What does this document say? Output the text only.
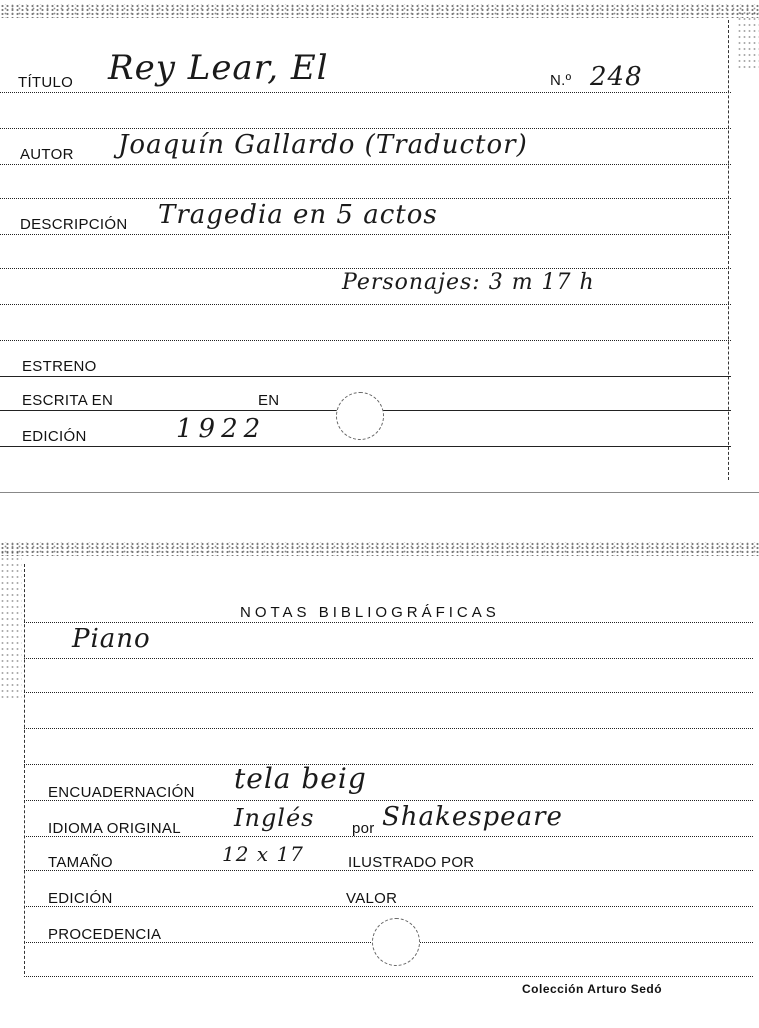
TÍTULO Rey Lear, El	N.º 248
AUTOR Joaquín Gallardo (Traductor)
DESCRIPCIÓN Tragedia en 5 actos
Personajes: 3 m 17 h
ESTRENO
ESCRITA EN	EN
EDICIÓN	1922
NOTAS BIBLIOGRÁFICAS
Piano
ENCUADERNACIÓN tela beig
IDIOMA ORIGINAL Inglés	por Shakespeare
TAMAÑO	12 x 17	ILUSTRADO POR
EDICIÓN	VALOR
PROCEDENCIA
Colección Arturo Sedó
